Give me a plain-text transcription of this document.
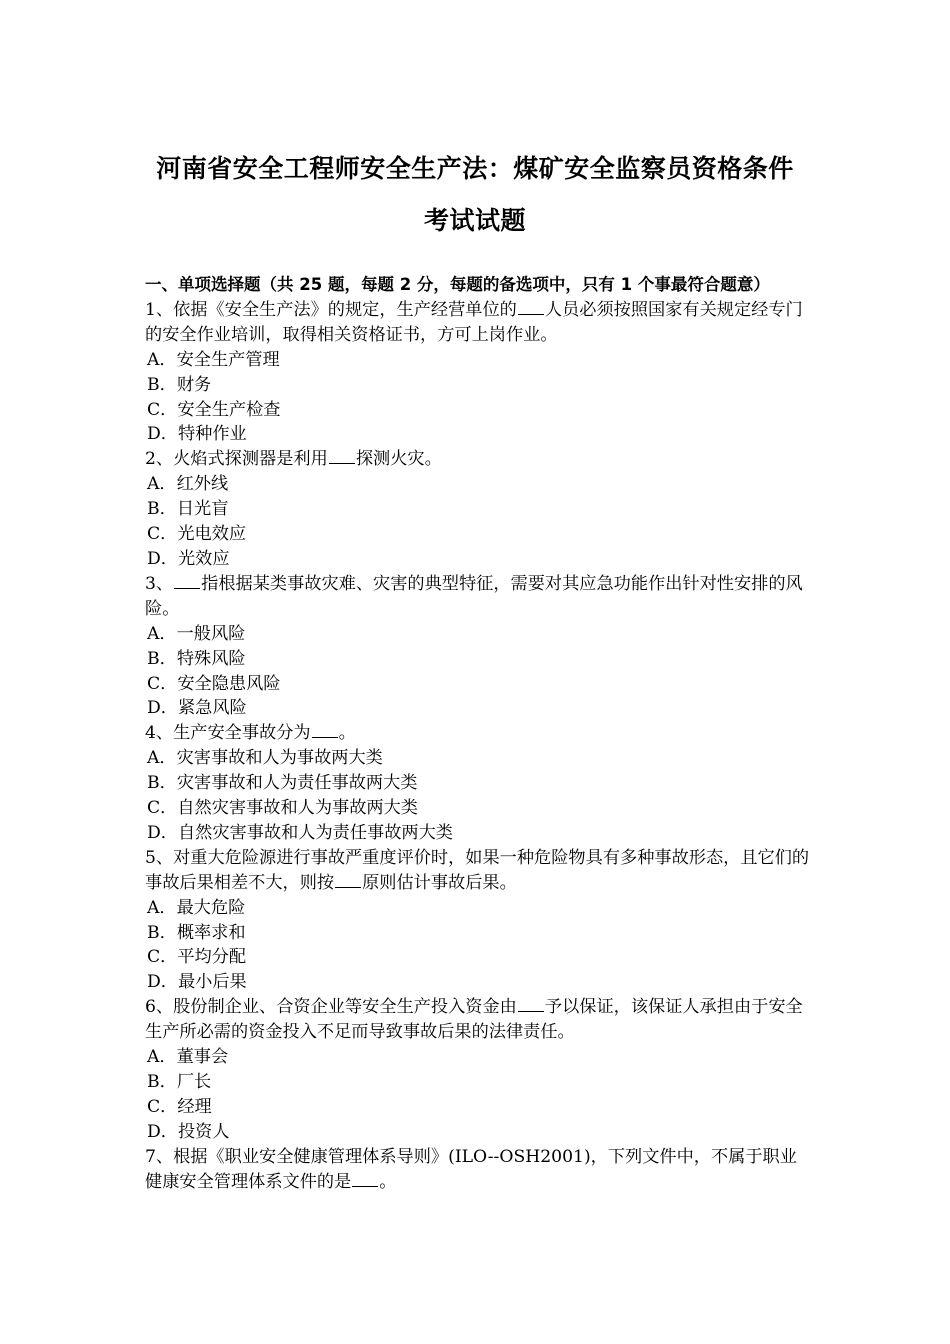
河南省安全工程师安全生产法：煤矿安全监察员资格条件
考试试题
一、单项选择题（共 25 题，每题 2 分，每题的备选项中，只有 1 个事最符合题意）
1、依据《安全生产法》的规定，生产经营单位的 人员必须按照国家有关规定经专门的安全作业培训，取得相关资格证书，方可上岗作业。
A．安全生产管理
B．财务
C．安全生产检查
D．特种作业
2、火焰式探测器是利用 探测火灾。
A．红外线
B．日光盲
C．光电效应
D．光效应
3、 指根据某类事故灾难、灾害的典型特征，需要对其应急功能作出针对性安排的风险。
A．一般风险
B．特殊风险
C．安全隐患风险
D．紧急风险
4、生产安全事故分为 。
A．灾害事故和人为事故两大类
B．灾害事故和人为责任事故两大类
C．自然灾害事故和人为事故两大类
D．自然灾害事故和人为责任事故两大类
5、对重大危险源进行事故严重度评价时，如果一种危险物具有多种事故形态，且它们的事故后果相差不大，则按 原则估计事故后果。
A．最大危险
B．概率求和
C．平均分配
D．最小后果
6、股份制企业、合资企业等安全生产投入资金由 予以保证，该保证人承担由于安全生产所必需的资金投入不足而导致事故后果的法律责任。
A．董事会
B．厂长
C．经理
D．投资人
7、根据《职业安全健康管理体系导则》(ILO--OSH2001)，下列文件中，不属于职业健康安全管理体系文件的是 。
